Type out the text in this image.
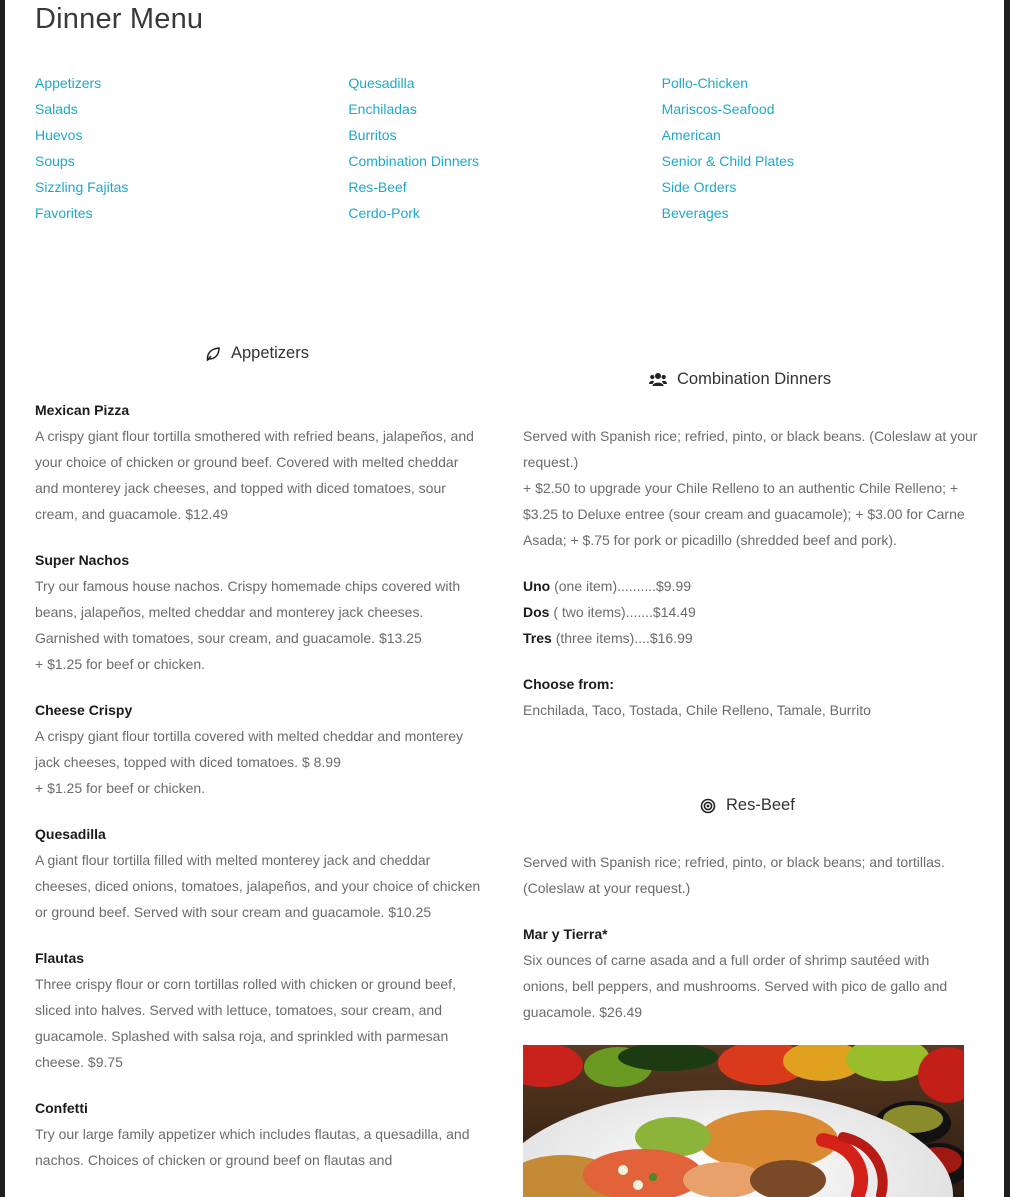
Dinner Menu
Appetizers
Salads
Huevos
Soups
Sizzling Fajitas
Favorites
Quesadilla
Enchiladas
Burritos
Combination Dinners
Res-Beef
Cerdo-Pork
Pollo-Chicken
Mariscos-Seafood
American
Senior & Child Plates
Side Orders
Beverages
Appetizers

Mexican Pizza

A crispy giant flour tortilla smothered with refried beans, jalapeños, and your choice of chicken or ground beef. Covered with melted cheddar and monterey jack cheeses, and topped with diced tomatoes, sour cream, and guacamole. $12.49

Super Nachos

Try our famous house nachos. Crispy homemade chips covered with beans, jalapeños, melted cheddar and monterey jack cheeses. Garnished with tomatoes, sour cream, and guacamole. $13.25

+ $1.25 for beef or chicken.

Cheese Crispy

A crispy giant flour tortilla covered with melted cheddar and monterey jack cheeses, topped with diced tomatoes. $ 8.99

+ $1.25 for beef or chicken.

Quesadilla

A giant flour tortilla filled with melted monterey jack and cheddar cheeses, diced onions, tomatoes, jalapeños, and your choice of chicken or ground beef. Served with sour cream and guacamole. $10.25

Flautas

Three crispy flour or corn tortillas rolled with chicken or ground beef, sliced into halves. Served with lettuce, tomatoes, sour cream, and guacamole. Splashed with salsa roja, and sprinkled with parmesan cheese. $9.75

Confetti

Try our large family appetizer which includes flautas, a quesadilla, and nachos. Choices of chicken or ground beef on flautas and

Combination Dinners

Served with Spanish rice; refried, pinto, or black beans. (Coleslaw at your request.)

+ $2.50 to upgrade your Chile Relleno to an authentic Chile Relleno; + $3.25 to Deluxe entree (sour cream and guacamole); + $3.00 for Carne Asada; + $.75 for pork or picadillo (shredded beef and pork).

Uno (one item)..........$9.99

Dos ( two items).......$14.49

Tres (three items)....$16.99

Choose from:

Enchilada, Taco, Tostada, Chile Relleno, Tamale, Burrito

Res-Beef

Served with Spanish rice; refried, pinto, or black beans; and tortillas. (Coleslaw at your request.)

Mar y Tierra*

Six ounces of carne asada and a full order of shrimp sautéed with onions, bell peppers, and mushrooms. Served with pico de gallo and guacamole. $26.49
